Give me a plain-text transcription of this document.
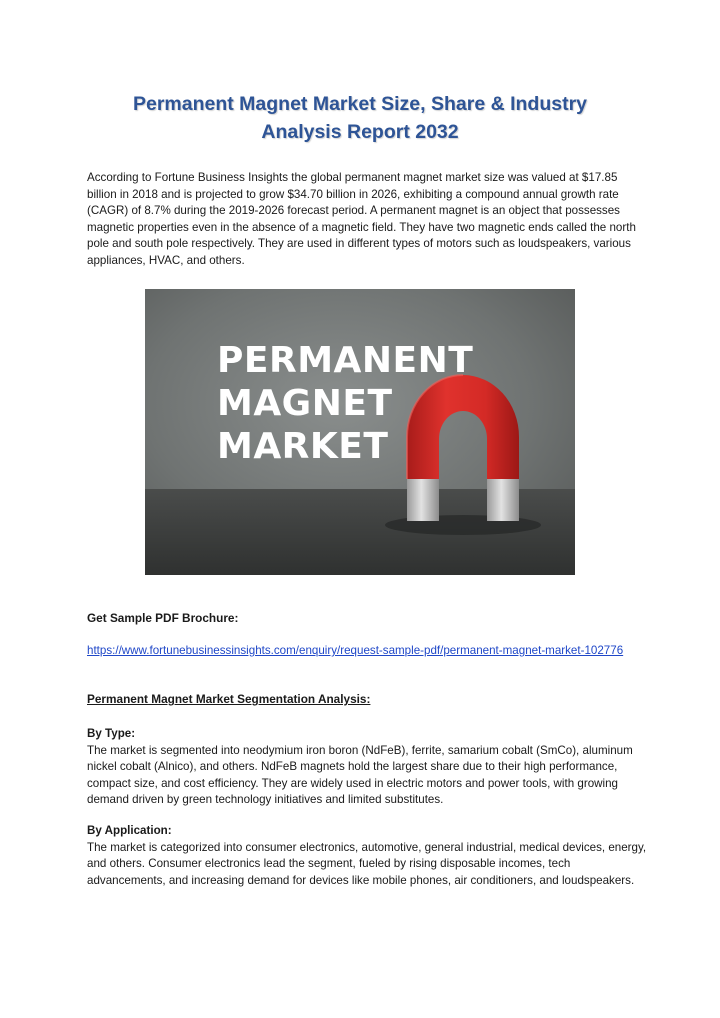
Permanent Magnet Market Size, Share & Industry
Analysis Report 2032

According to Fortune Business Insights the global permanent magnet market size was valued at $17.85 billion in 2018 and is projected to grow $34.70 billion in 2026, exhibiting a compound annual growth rate (CAGR) of 8.7% during the 2019-2026 forecast period. A permanent magnet is an object that possesses magnetic properties even in the absence of a magnetic field. They have two magnetic ends called the north pole and south pole respectively. They are used in different types of motors such as loudspeakers, various appliances, HVAC, and others.

PERMANENT
MAGNET
MARKET

Get Sample PDF Brochure:

https://www.fortunebusinessinsights.com/enquiry/request-sample-pdf/permanent-magnet-market-102776

Permanent Magnet Market Segmentation Analysis:

By Type:
The market is segmented into neodymium iron boron (NdFeB), ferrite, samarium cobalt (SmCo), aluminum nickel cobalt (Alnico), and others. NdFeB magnets hold the largest share due to their high performance, compact size, and cost efficiency. They are widely used in electric motors and power tools, with growing demand driven by green technology initiatives and limited substitutes.
By Application:
The market is categorized into consumer electronics, automotive, general industrial, medical devices, energy, and others. Consumer electronics lead the segment, fueled by rising disposable incomes, tech advancements, and increasing demand for devices like mobile phones, air conditioners, and loudspeakers.
